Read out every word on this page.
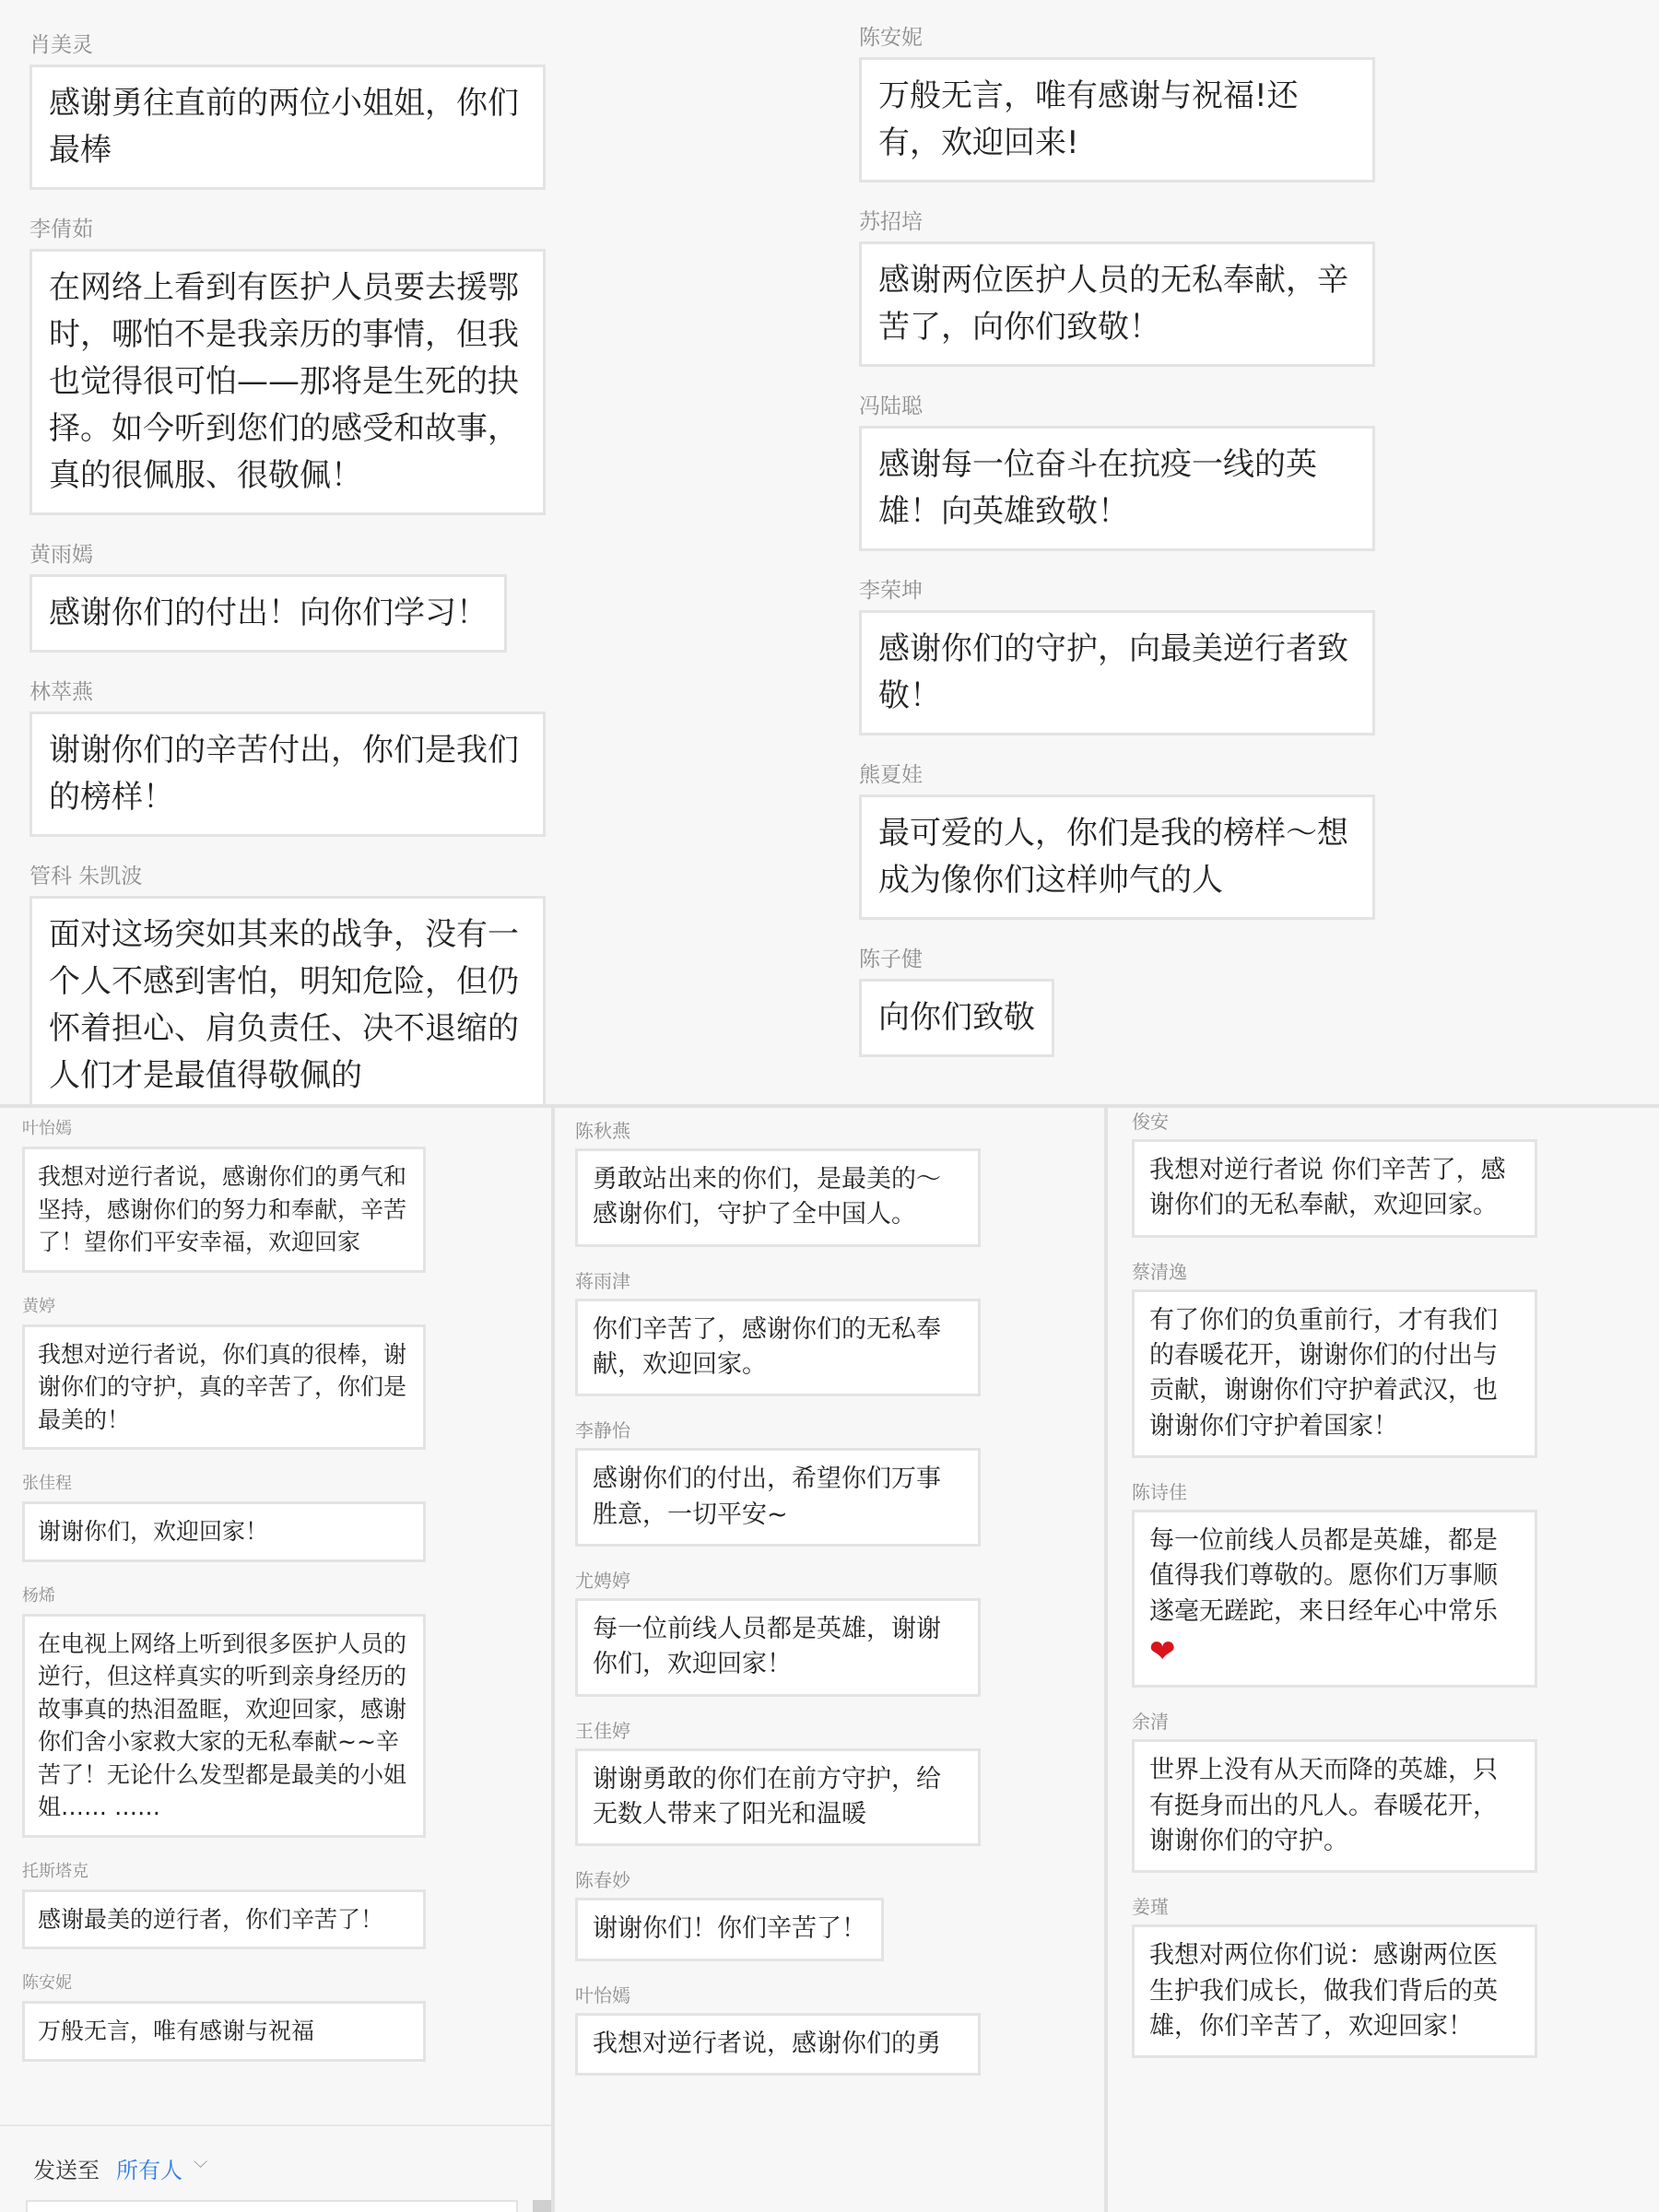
肖美灵
感谢勇往直前的两位小姐姐，你们最棒
李倩茹
在网络上看到有医护人员要去援鄂时，哪怕不是我亲历的事情，但我也觉得很可怕——那将是生死的抉择。如今听到您们的感受和故事，真的很佩服、很敬佩！
黄雨嫣
感谢你们的付出！向你们学习！
林萃燕
谢谢你们的辛苦付出，你们是我们的榜样！
管科 朱凯波
面对这场突如其来的战争，没有一个人不感到害怕，明知危险，但仍怀着担心、肩负责任、决不退缩的人们才是最值得敬佩的
陈安妮
万般无言，唯有感谢与祝福!还有，欢迎回来!
苏招培
感谢两位医护人员的无私奉献，辛苦了，向你们致敬！
冯陆聪
感谢每一位奋斗在抗疫一线的英雄！向英雄致敬！
李荣坤
感谢你们的守护，向最美逆行者致敬！
熊夏娃
最可爱的人，你们是我的榜样～想成为像你们这样帅气的人
陈子健
向你们致敬
叶怡嫣
我想对逆行者说，感谢你们的勇气和坚持，感谢你们的努力和奉献，辛苦了！望你们平安幸福，欢迎回家
黄婷
我想对逆行者说，你们真的很棒，谢谢你们的守护，真的辛苦了，你们是最美的！
张佳程
谢谢你们，欢迎回家！
杨烯
在电视上网络上听到很多医护人员的逆行，但这样真实的听到亲身经历的故事真的热泪盈眶，欢迎回家，感谢你们舍小家救大家的无私奉献~~辛苦了！无论什么发型都是最美的小姐姐…… ……
托斯塔克
感谢最美的逆行者，你们辛苦了！
陈安妮
万般无言，唯有感谢与祝福
发送至 所有人 ⌵
陈秋燕
勇敢站出来的你们，是最美的～感谢你们，守护了全中国人。
蒋雨津
你们辛苦了，感谢你们的无私奉献，欢迎回家。
李静怡
感谢你们的付出，希望你们万事胜意，一切平安~
尤娉婷
每一位前线人员都是英雄，谢谢你们，欢迎回家！
王佳婷
谢谢勇敢的你们在前方守护，给无数人带来了阳光和温暖
陈春妙
谢谢你们！你们辛苦了！
叶怡嫣
我想对逆行者说，感谢你们的勇
俊安
我想对逆行者说 你们辛苦了，感谢你们的无私奉献，欢迎回家。
蔡清逸
有了你们的负重前行，才有我们的春暖花开，谢谢你们的付出与贡献，谢谢你们守护着武汉，也谢谢你们守护着国家！
陈诗佳
每一位前线人员都是英雄，都是值得我们尊敬的。愿你们万事顺遂毫无蹉跎，来日经年心中常乐
❤
余清
世界上没有从天而降的英雄，只有挺身而出的凡人。春暖花开，谢谢你们的守护。
姜瑾
我想对两位你们说：感谢两位医生护我们成长，做我们背后的英雄，你们辛苦了，欢迎回家！
